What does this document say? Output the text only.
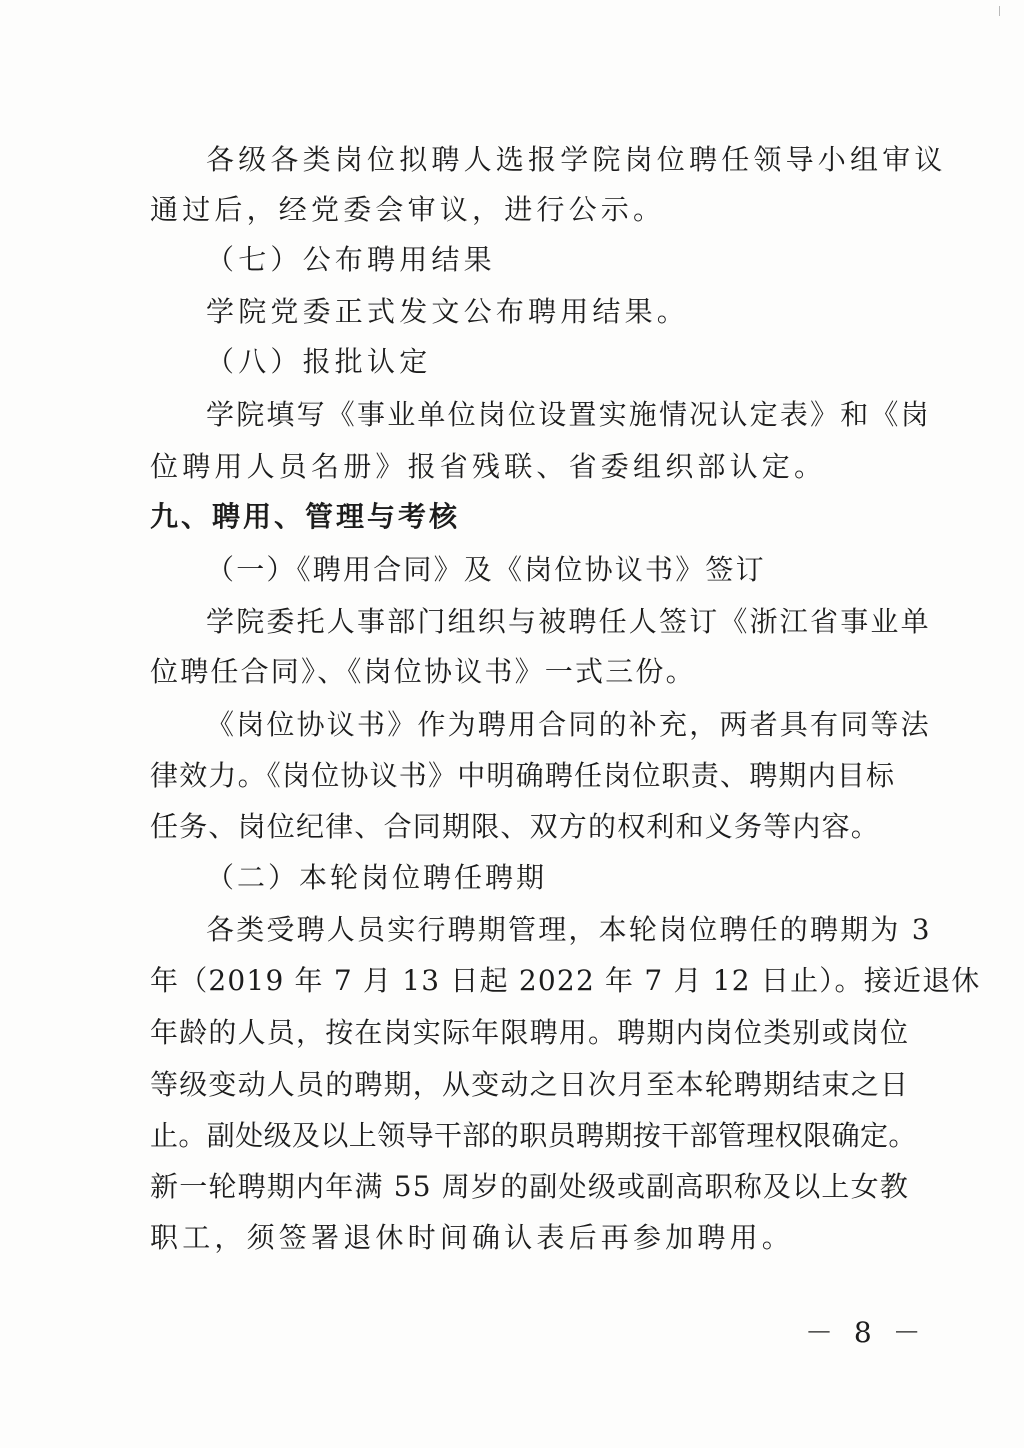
各级各类岗位拟聘人选报学院岗位聘任领导小组审议
通过后，经党委会审议，进行公示。
（七）公布聘用结果
学院党委正式发文公布聘用结果。
（八）报批认定
学院填写《事业单位岗位设置实施情况认定表》和《岗
位聘用人员名册》报省残联、省委组织部认定。
九、聘用、管理与考核
（一）《聘用合同》及《岗位协议书》签订
学院委托人事部门组织与被聘任人签订《浙江省事业单
位聘任合同》、《岗位协议书》一式三份。
《岗位协议书》作为聘用合同的补充，两者具有同等法
律效力。《岗位协议书》中明确聘任岗位职责、聘期内目标
任务、岗位纪律、合同期限、双方的权利和义务等内容。
（二）本轮岗位聘任聘期
各类受聘人员实行聘期管理，本轮岗位聘任的聘期为 3
年（2019 年 7 月 13 日起 2022 年 7 月 12 日止）。接近退休
年龄的人员，按在岗实际年限聘用。聘期内岗位类别或岗位
等级变动人员的聘期，从变动之日次月至本轮聘期结束之日
止。副处级及以上领导干部的职员聘期按干部管理权限确定。
新一轮聘期内年满 55 周岁的副处级或副高职称及以上女教
职工，须签署退休时间确认表后再参加聘用。
－ 8 －
